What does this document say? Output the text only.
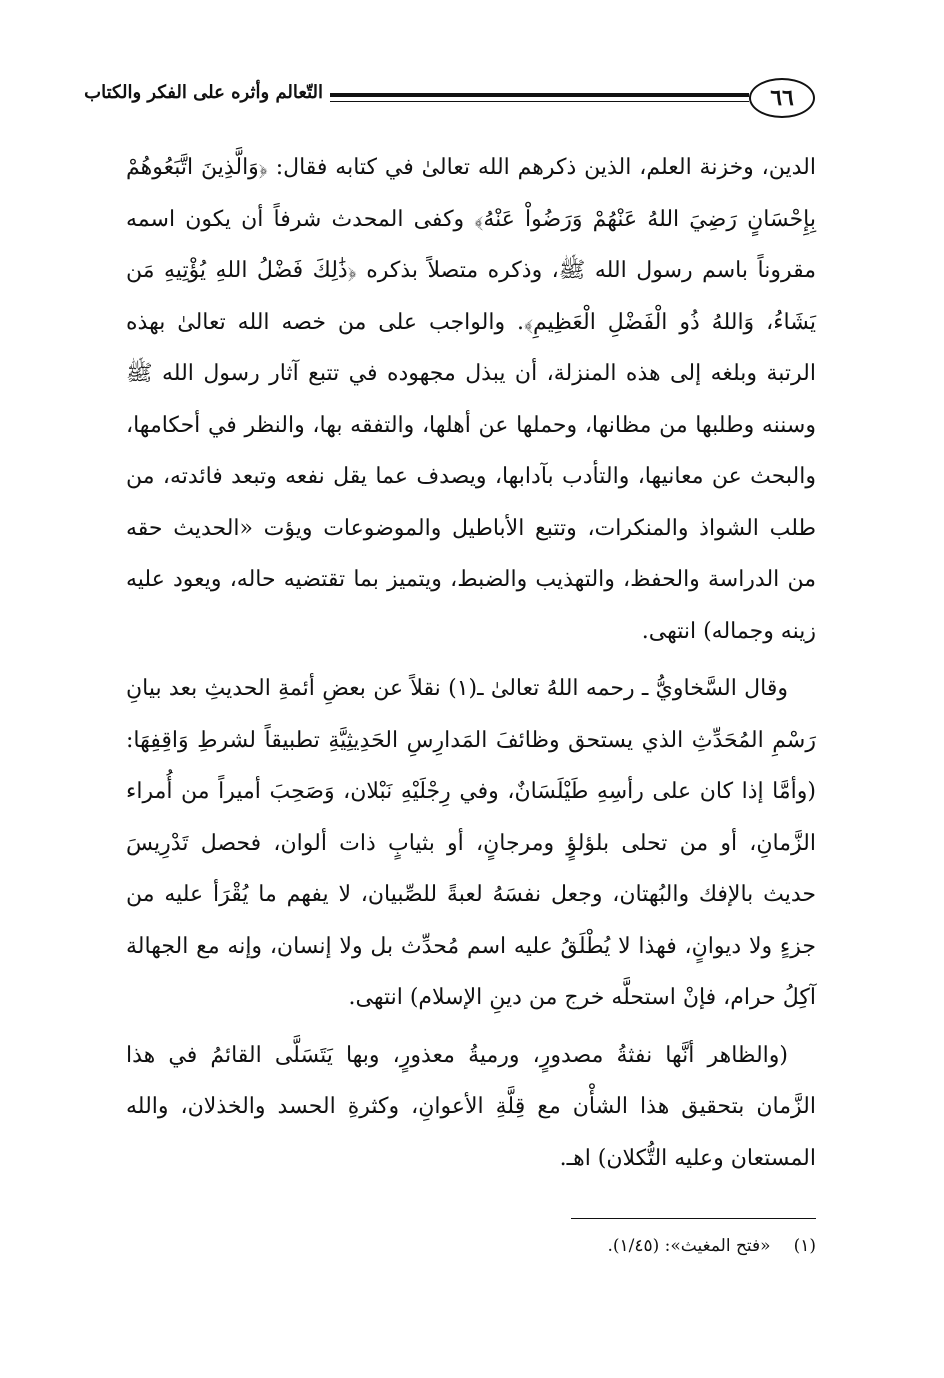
٦٦
التّعالم وأثره على الفكر والكتاب

الدين، وخزنة العلم، الذين ذكرهم الله تعالىٰ في كتابه فقال: ﴿وَالَّذِينَ اتَّبَعُوهُمْ بِإِحْسَانٍ رَضِيَ اللهُ عَنْهُمْ وَرَضُواْ عَنْهُ﴾ وكفى المحدث شرفاً أن يكون اسمه مقروناً باسم رسول الله ﷺ، وذكره متصلاً بذكره ﴿ذَٰلِكَ فَضْلُ اللهِ يُؤْتِيهِ مَن يَشَاءُ، وَاللهُ ذُو الْفَضْلِ الْعَظِيمِ﴾. والواجب على من خصه الله تعالىٰ بهذه الرتبة وبلغه إلى هذه المنزلة، أن يبذل مجهوده في تتبع آثار رسول الله ﷺ وسننه وطلبها من مظانها، وحملها عن أهلها، والتفقه بها، والنظر في أحكامها، والبحث عن معانيها، والتأدب بآدابها، ويصدف عما يقل نفعه وتبعد فائدته، من طلب الشواذ والمنكرات، وتتبع الأباطيل والموضوعات ويؤت «الحديث حقه من الدراسة والحفظ، والتهذيب والضبط، ويتميز بما تقتضيه حاله، ويعود عليه زينه وجماله) انتهى.

وقال السَّخاويُّ ـ رحمه اللهُ تعالىٰ ـ(١) نقلاً عن بعضِ أئمةِ الحديثِ بعد بيانِ رَسْمِ المُحَدِّثِ الذي يستحق وظائفَ المَدارِسِ الحَدِيثِيَّةِ تطبيقاً لشرطِ وَاقِفِهَا: (وأمَّا إذا كان على رأسِهِ طَيْلَسَانٌ، وفي رِجْلَيْهِ نَبْلان، وَصَحِبَ أميراً من أُمراء الزَّمانِ، أو من تحلى بلؤلؤٍ ومرجانٍ، أو بثيابٍ ذات ألوان، فحصل تَدْرِيسَ حديث بالإفك والبُهتان، وجعل نفسَهُ لعبةً للصِّبيان، لا يفهم ما يُقْرَأ عليه من جزءٍ ولا ديوانٍ، فهذا لا يُطْلَقُ عليه اسم مُحدِّث بل ولا إنسان، وإنه مع الجهالة آكِلُ حرام، فإنْ استحلَّه خرج من دينِ الإسلام) انتهى.

(والظاهر أنَّها نفثةُ مصدورٍ، ورميةُ معذورٍ، وبها يَتَسَلَّى القائمُ في هذا الزَّمان بتحقيق هذا الشأْن مع قِلَّةِ الأعوانِ، وكثرةِ الحسد والخذلان، والله المستعان وعليه التُّكلان) اهـ.

(١) «فتح المغيث»: (١/٤٥).
